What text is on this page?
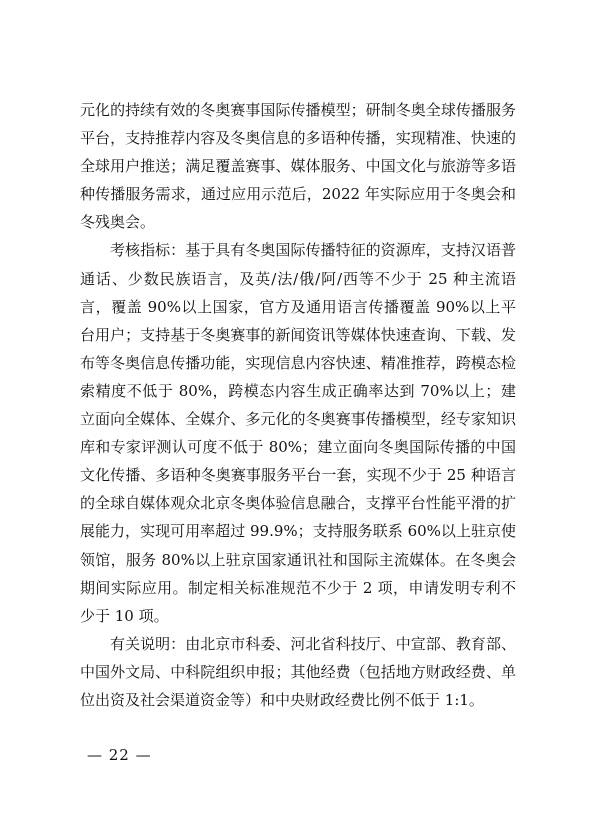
元化的持续有效的冬奥赛事国际传播模型；研制冬奥全球传播服务平台，支持推荐内容及冬奥信息的多语种传播，实现精准、快速的全球用户推送；满足覆盖赛事、媒体服务、中国文化与旅游等多语种传播服务需求，通过应用示范后，2022 年实际应用于冬奥会和冬残奥会。

考核指标：基于具有冬奥国际传播特征的资源库，支持汉语普通话、少数民族语言，及英/法/俄/阿/西等不少于 25 种主流语言，覆盖 90%以上国家，官方及通用语言传播覆盖 90%以上平台用户；支持基于冬奥赛事的新闻资讯等媒体快速查询、下载、发布等冬奥信息传播功能，实现信息内容快速、精准推荐，跨模态检索精度不低于 80%，跨模态内容生成正确率达到 70%以上；建立面向全媒体、全媒介、多元化的冬奥赛事传播模型，经专家知识库和专家评测认可度不低于 80%；建立面向冬奥国际传播的中国文化传播、多语种冬奥赛事服务平台一套，实现不少于 25 种语言的全球自媒体观众北京冬奥体验信息融合，支撑平台性能平滑的扩展能力，实现可用率超过 99.9%；支持服务联系 60%以上驻京使领馆，服务 80%以上驻京国家通讯社和国际主流媒体。在冬奥会期间实际应用。制定相关标准规范不少于 2 项，申请发明专利不少于 10 项。

有关说明：由北京市科委、河北省科技厅、中宣部、教育部、中国外文局、中科院组织申报；其他经费（包括地方财政经费、单位出资及社会渠道资金等）和中央财政经费比例不低于 1:1。

— 22 —
